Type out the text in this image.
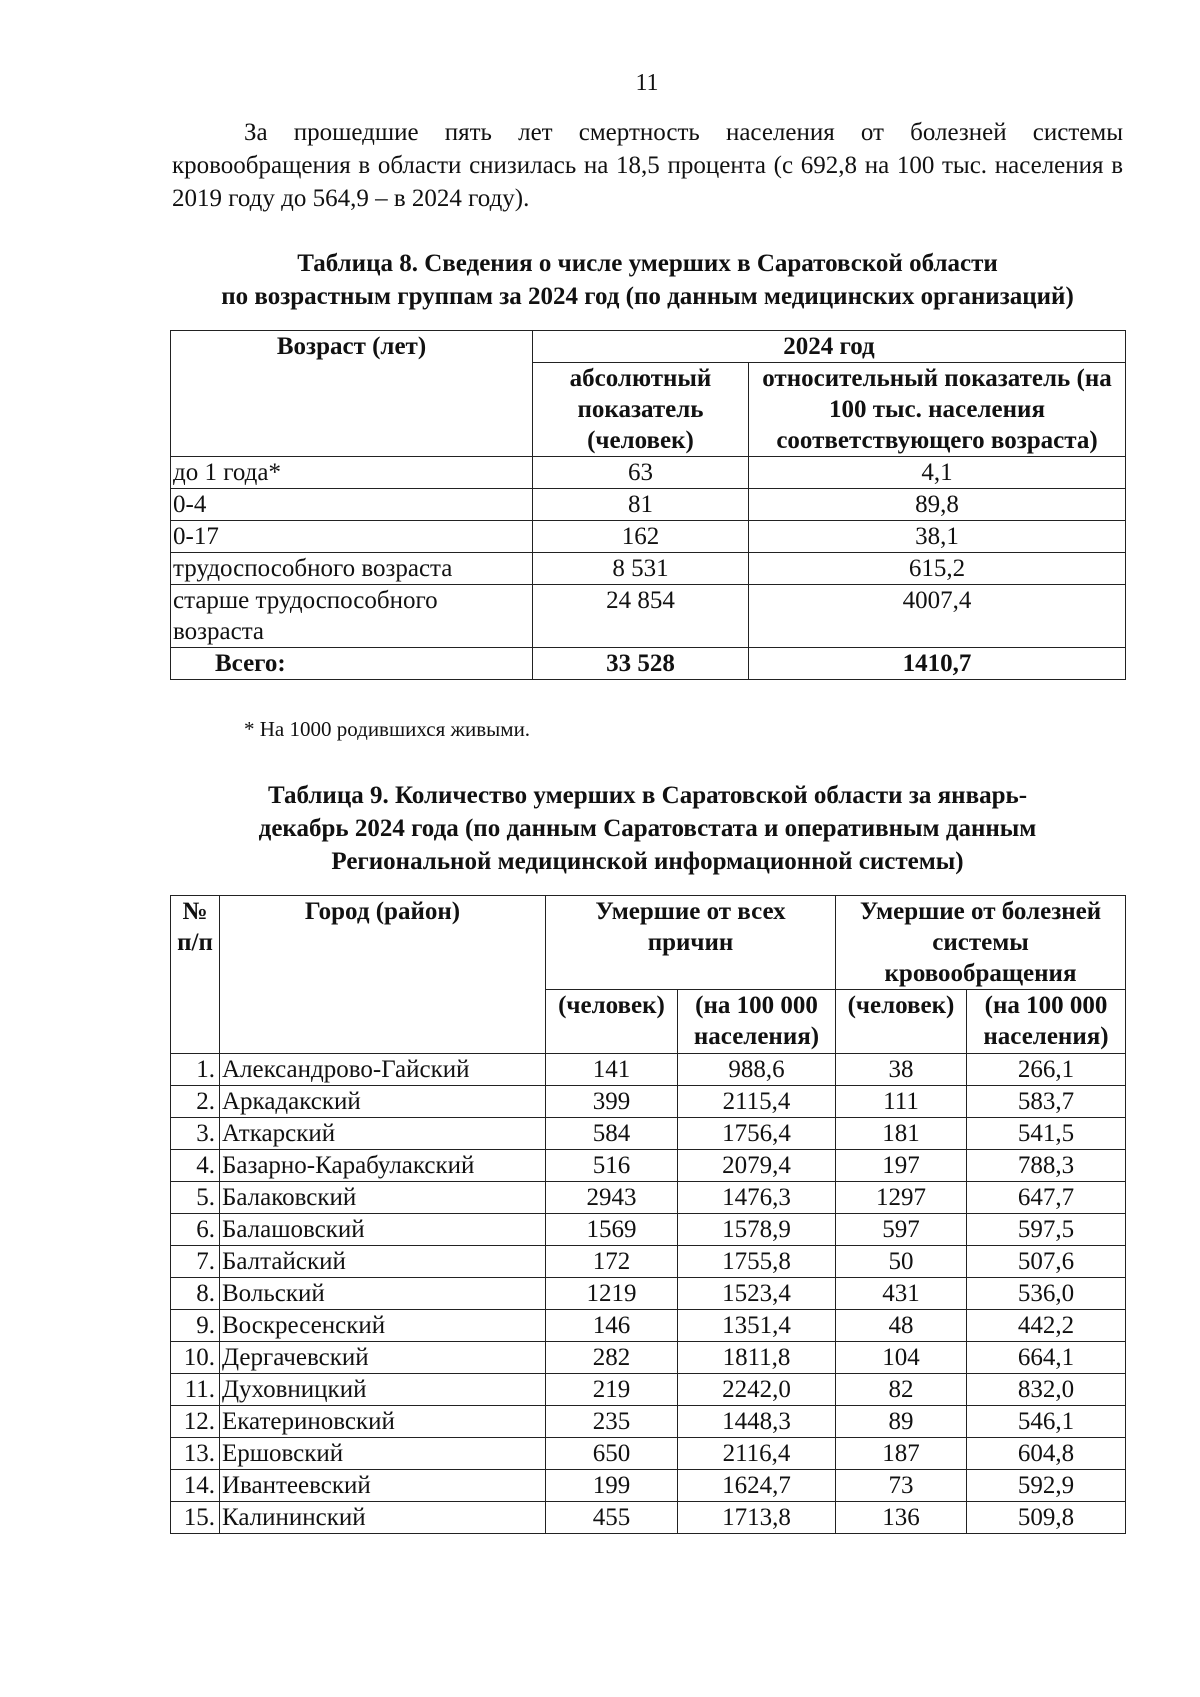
11

За прошедшие пять лет смертность населения от болезней системы кровообращения в области снизилась на 18,5 процента (с 692,8 на 100 тыс. населения в 2019 году до 564,9 – в 2024 году).

Таблица 8. Сведения о числе умерших в Саратовской области
по возрастным группам за 2024 год (по данным медицинских организаций)
Возраст (лет)	2024 год	
	абсолютный показатель (человек)	относительный показатель (на 100 тыс. населения соответствующего возраста)
до 1 года*	63	4,1
0-4	81	89,8
0-17	162	38,1
трудоспособного возраста	8 531	615,2
старше трудоспособного возраста	24 854	4007,4
Всего:	33 528	1410,7
* На 1000 родившихся живыми.
Таблица 9. Количество умерших в Саратовской области за январь-
декабрь 2024 года (по данным Саратовстата и оперативным данным
Региональной медицинской информационной системы)
№ п/п	Город (район)	Умершие от всех причин		Умершие от болезней системы кровообращения	
		(человек)	(на 100 000 населения)	(человек)	(на 100 000 населения)
1.	Александрово-Гайский	141	988,6	38	266,1
2.	Аркадакский	399	2115,4	111	583,7
3.	Аткарский	584	1756,4	181	541,5
4.	Базарно-Карабулакский	516	2079,4	197	788,3
5.	Балаковский	2943	1476,3	1297	647,7
6.	Балашовский	1569	1578,9	597	597,5
7.	Балтайский	172	1755,8	50	507,6
8.	Вольский	1219	1523,4	431	536,0
9.	Воскресенский	146	1351,4	48	442,2
10.	Дергачевский	282	1811,8	104	664,1
11.	Духовницкий	219	2242,0	82	832,0
12.	Екатериновский	235	1448,3	89	546,1
13.	Ершовский	650	2116,4	187	604,8
14.	Ивантеевский	199	1624,7	73	592,9
15.	Калининский	455	1713,8	136	509,8
